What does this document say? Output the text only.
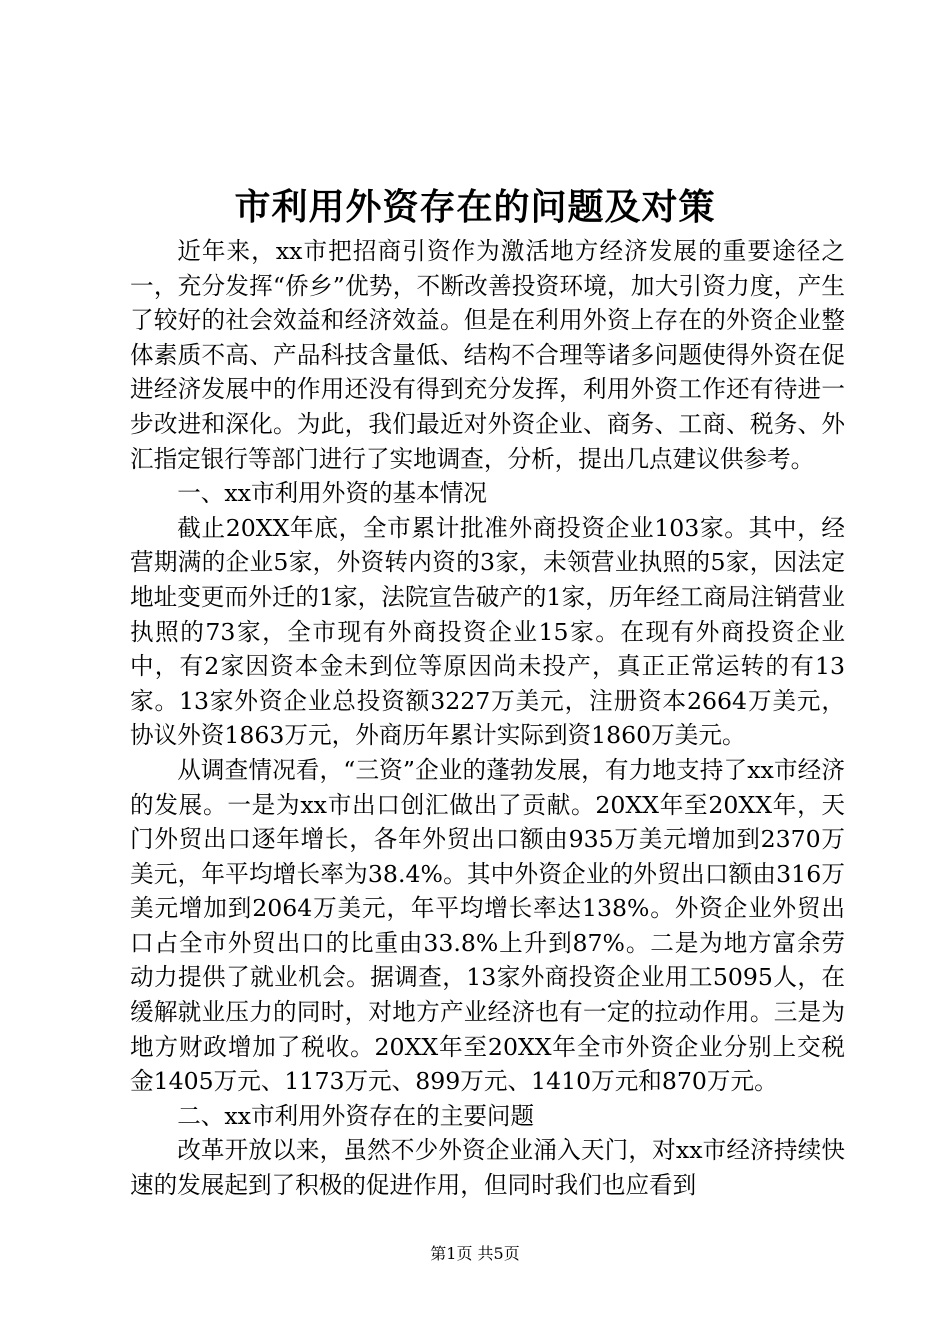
市利用外资存在的问题及对策

近年来，xx市把招商引资作为激活地方经济发展的重要途径之一，充分发挥“侨乡”优势，不断改善投资环境，加大引资力度，产生了较好的社会效益和经济效益。但是在利用外资上存在的外资企业整体素质不高、产品科技含量低、结构不合理等诸多问题使得外资在促进经济发展中的作用还没有得到充分发挥，利用外资工作还有待进一步改进和深化。为此，我们最近对外资企业、商务、工商、税务、外汇指定银行等部门进行了实地调查，分析，提出几点建议供参考。

一、xx市利用外资的基本情况

截止20XX年底，全市累计批准外商投资企业103家。其中，经营期满的企业5家，外资转内资的3家，未领营业执照的5家，因法定地址变更而外迁的1家，法院宣告破产的1家，历年经工商局注销营业执照的73家，全市现有外商投资企业15家。在现有外商投资企业中，有2家因资本金未到位等原因尚未投产，真正正常运转的有13家。13家外资企业总投资额3227万美元，注册资本2664万美元，协议外资1863万元，外商历年累计实际到资1860万美元。

从调查情况看，“三资”企业的蓬勃发展，有力地支持了xx市经济的发展。一是为xx市出口创汇做出了贡献。20XX年至20XX年，天门外贸出口逐年增长，各年外贸出口额由935万美元增加到2370万美元，年平均增长率为38.4%。其中外资企业的外贸出口额由316万美元增加到2064万美元，年平均增长率达138%。外资企业外贸出口占全市外贸出口的比重由33.8%上升到87%。二是为地方富余劳动力提供了就业机会。据调查，13家外商投资企业用工5095人，在缓解就业压力的同时，对地方产业经济也有一定的拉动作用。三是为地方财政增加了税收。20XX年至20XX年全市外资企业分别上交税金1405万元、1173万元、899万元、1410万元和870万元。

二、xx市利用外资存在的主要问题

改革开放以来，虽然不少外资企业涌入天门，对xx市经济持续快速的发展起到了积极的促进作用，但同时我们也应看到

第1页 共5页
